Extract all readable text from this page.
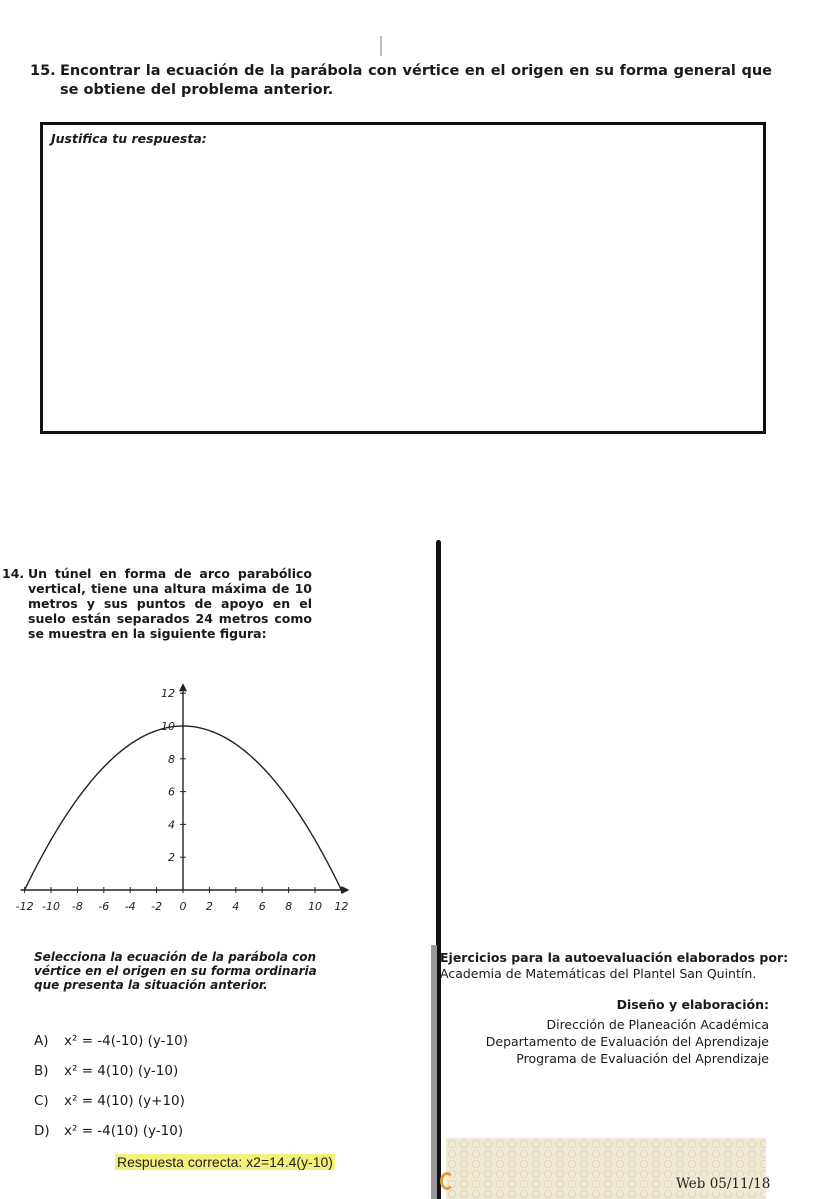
15. Encontrar la ecuación de la parábola con vértice en el origen en su forma general que se obtiene del problema anterior.
Justifica tu respuesta:
14. Un túnel en forma de arco parabólico vertical, tiene una altura máxima de 10 metros y sus puntos de apoyo en el suelo están separados 24 metros como se muestra en la siguiente figura:
-12 -10 -8 -6 -4 -2 0 2 4 6 8 10 12
2
4
6
8
10
12
Selecciona la ecuación de la parábola con vértice en el origen en su forma ordinaria que presenta la situación anterior.
A) x² = -4(-10) (y-10)
B) x² = 4(10) (y-10)
C) x² = 4(10) (y+10)
D) x² = -4(10) (y-10)
Respuesta correcta: x2=14.4(y-10)
Ejercicios para la autoevaluación elaborados por:
Academia de Matemáticas del Plantel San Quintín.
Diseño y elaboración:
Dirección de Planeación Académica
Departamento de Evaluación del Aprendizaje
Programa de Evaluación del Aprendizaje
Web 05/11/18
